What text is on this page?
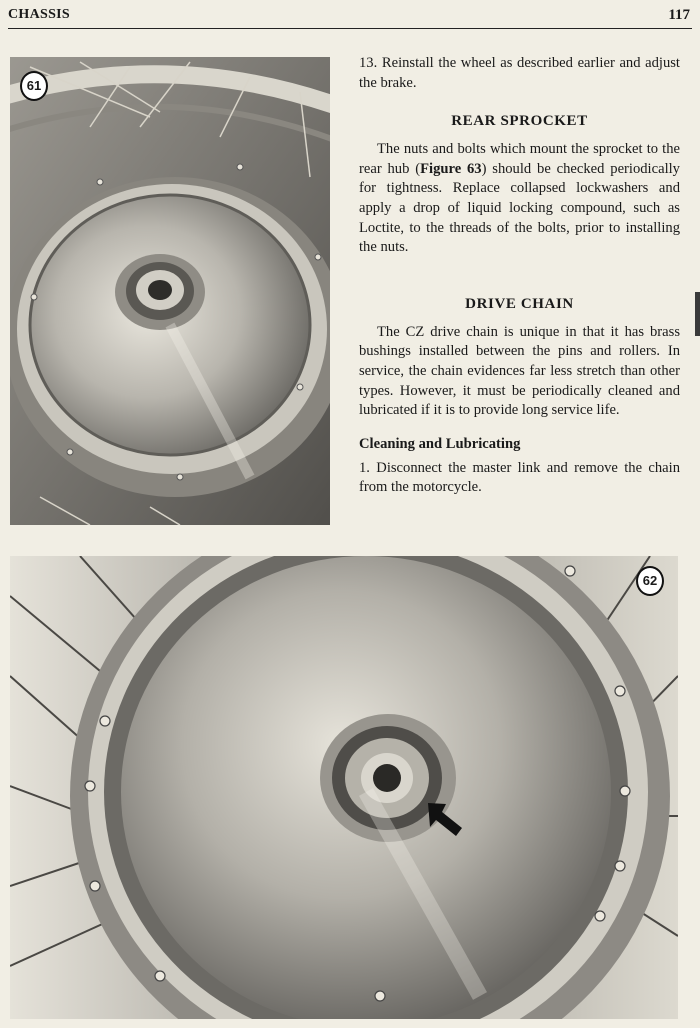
CHASSIS	117
61
62

13. Reinstall the wheel as described earlier and adjust the brake.

REAR SPROCKET

The nuts and bolts which mount the sprocket to the rear hub (Figure 63) should be checked periodically for tightness. Replace collapsed lockwashers and apply a drop of liquid locking compound, such as Loctite, to the threads of the bolts, prior to installing the nuts.

DRIVE CHAIN

The CZ drive chain is unique in that it has brass bushings installed between the pins and rollers. In service, the chain evidences far less stretch than other types. However, it must be periodically cleaned and lubricated if it is to provide long service life.

Cleaning and Lubricating

1. Disconnect the master link and remove the chain from the motorcycle.
